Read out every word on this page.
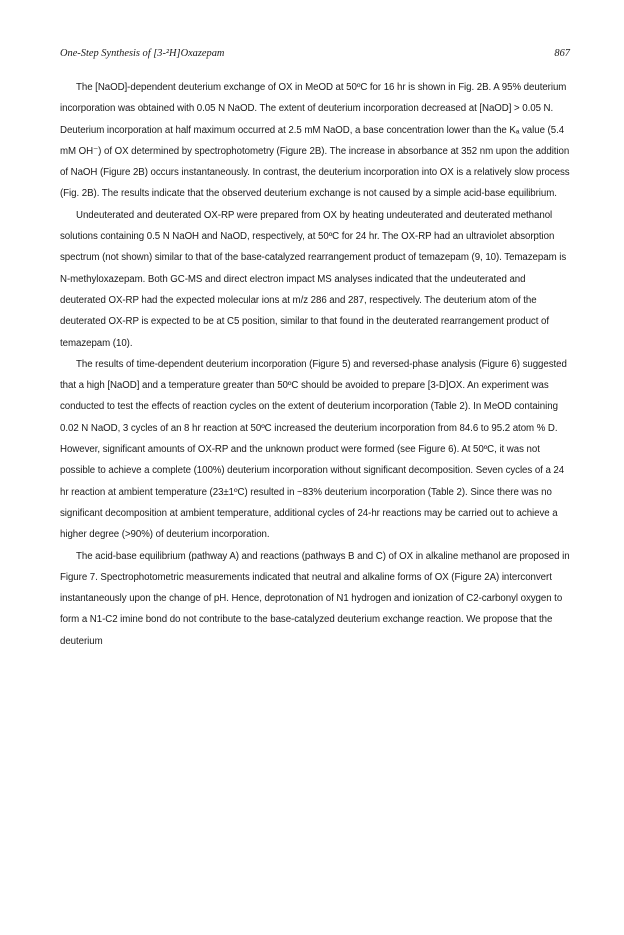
One-Step Synthesis of [3-²H]Oxazepam	867

The [NaOD]-dependent deuterium exchange of OX in MeOD at 50ºC for 16 hr is shown in Fig. 2B. A 95% deuterium incorporation was obtained with 0.05 N NaOD. The extent of deuterium incorporation decreased at [NaOD] > 0.05 N. Deuterium incorporation at half maximum occurred at 2.5 mM NaOD, a base concentration lower than the Kₐ value (5.4 mM OH⁻) of OX determined by spectrophotometry (Figure 2B). The increase in absorbance at 352 nm upon the addition of NaOH (Figure 2B) occurs instantaneously. In contrast, the deuterium incorporation into OX is a relatively slow process (Fig. 2B). The results indicate that the observed deuterium exchange is not caused by a simple acid-base equilibrium.

Undeuterated and deuterated OX-RP were prepared from OX by heating undeuterated and deuterated methanol solutions containing 0.5 N NaOH and NaOD, respectively, at 50ºC for 24 hr. The OX-RP had an ultraviolet absorption spectrum (not shown) similar to that of the base-catalyzed rearrangement product of temazepam (9, 10). Temazepam is N-methyloxazepam. Both GC-MS and direct electron impact MS analyses indicated that the undeuterated and deuterated OX-RP had the expected molecular ions at m/z 286 and 287, respectively. The deuterium atom of the deuterated OX-RP is expected to be at C5 position, similar to that found in the deuterated rearrangement product of temazepam (10).

The results of time-dependent deuterium incorporation (Figure 5) and reversed-phase analysis (Figure 6) suggested that a high [NaOD] and a temperature greater than 50ºC should be avoided to prepare [3-D]OX. An experiment was conducted to test the effects of reaction cycles on the extent of deuterium incorporation (Table 2). In MeOD containing 0.02 N NaOD, 3 cycles of an 8 hr reaction at 50ºC increased the deuterium incorporation from 84.6 to 95.2 atom % D. However, significant amounts of OX-RP and the unknown product were formed (see Figure 6). At 50ºC, it was not possible to achieve a complete (100%) deuterium incorporation without significant decomposition. Seven cycles of a 24 hr reaction at ambient temperature (23±1ºC) resulted in ~83% deuterium incorporation (Table 2). Since there was no significant decomposition at ambient temperature, additional cycles of 24-hr reactions may be carried out to achieve a higher degree (>90%) of deuterium incorporation.

The acid-base equilibrium (pathway A) and reactions (pathways B and C) of OX in alkaline methanol are proposed in Figure 7. Spectrophotometric measurements indicated that neutral and alkaline forms of OX (Figure 2A) interconvert instantaneously upon the change of pH. Hence, deprotonation of N1 hydrogen and ionization of C2-carbonyl oxygen to form a N1-C2 imine bond do not contribute to the base-catalyzed deuterium exchange reaction. We propose that the deuterium
